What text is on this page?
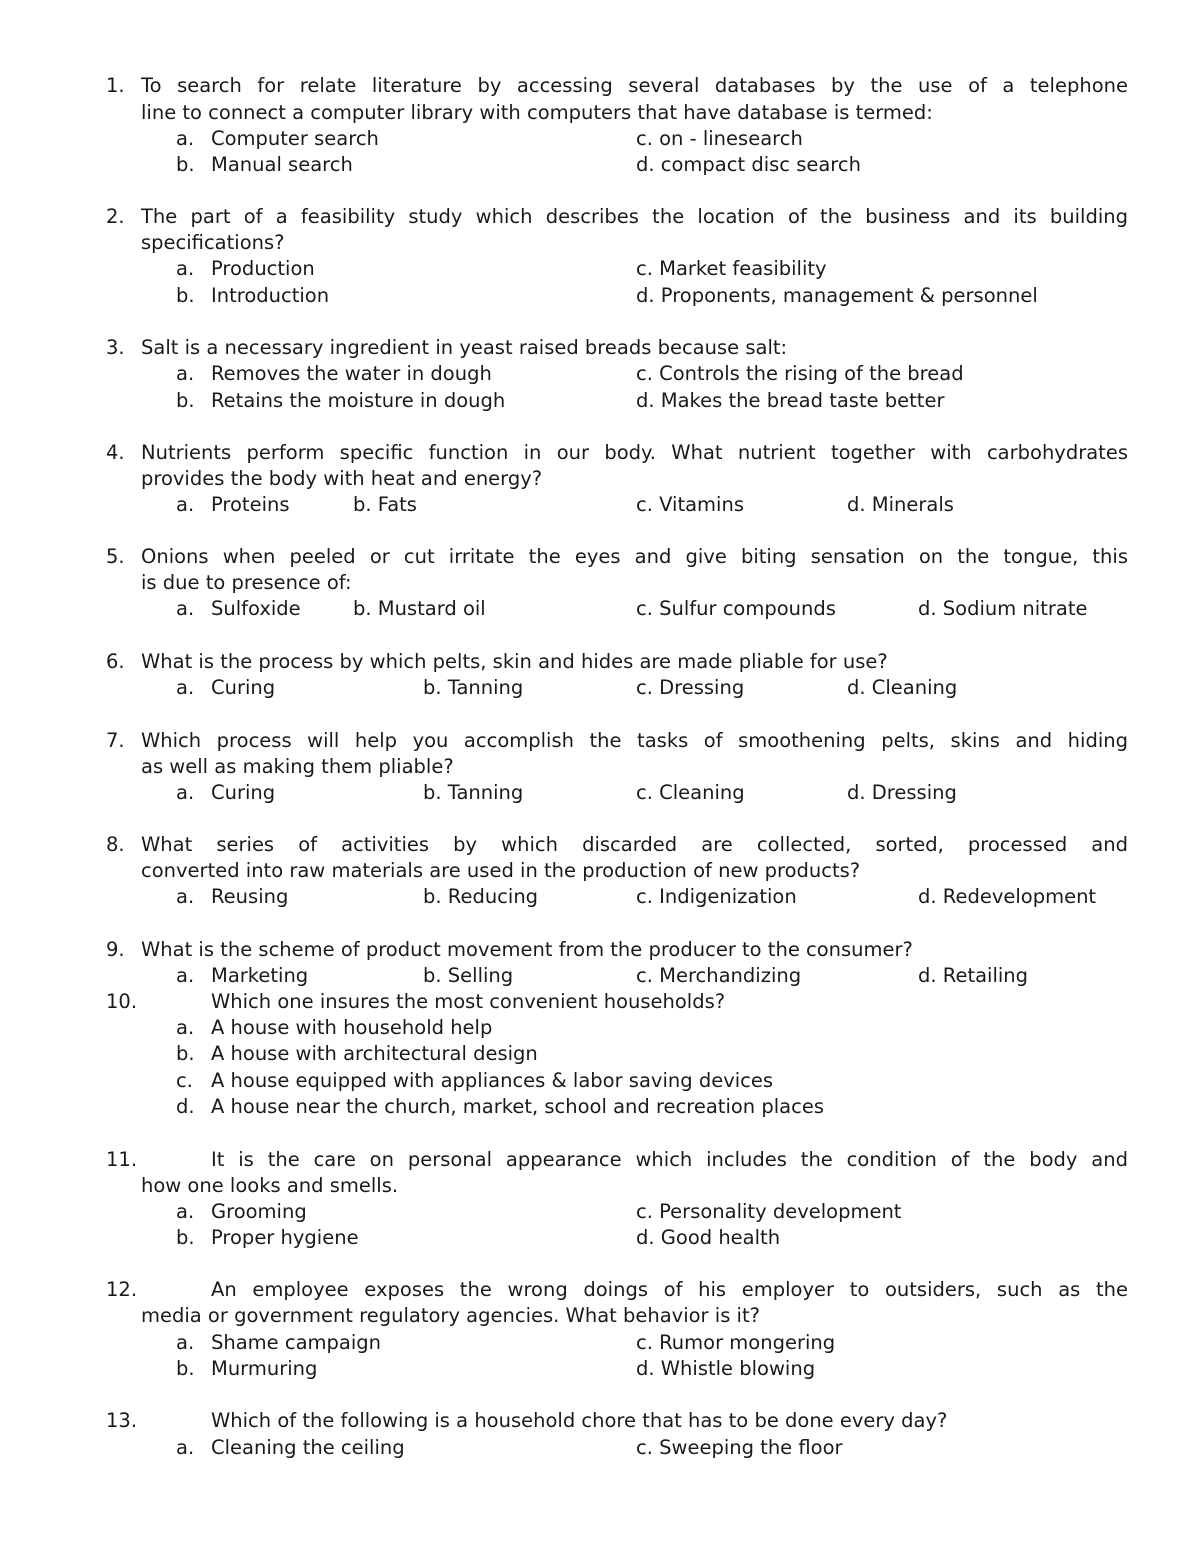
1. To search for relate literature by accessing several databases by the use of a telephone
line to connect a computer library with computers that have database is termed:
a. Computer search
b. Manual search
c. on - linesearch
d. compact disc search
2. The part of a feasibility study which describes the location of the business and its building
specifications?
a. Production
b. Introduction
c. Market feasibility
d. Proponents, management & personnel
3. Salt is a necessary ingredient in yeast raised breads because salt:
a. Removes the water in dough
b. Retains the moisture in dough
c. Controls the rising of the bread
d. Makes the bread taste better
4. Nutrients perform specific function in our body. What nutrient together with carbohydrates
provides the body with heat and energy?
a. Proteins	b. Fats	c. Vitamins	d. Minerals
5. Onions when peeled or cut irritate the eyes and give biting sensation on the tongue, this
is due to presence of:
a. Sulfoxide	b. Mustard oil	c. Sulfur compounds	d. Sodium nitrate
6. What is the process by which pelts, skin and hides are made pliable for use?
a. Curing	b. Tanning	c. Dressing	d. Cleaning
7. Which process will help you accomplish the tasks of smoothening pelts, skins and hiding
as well as making them pliable?
a. Curing	b. Tanning	c. Cleaning	d. Dressing
8. What series of activities by which discarded are collected, sorted, processed and
converted into raw materials are used in the production of new products?
a. Reusing	b. Reducing	c. Indigenization	d. Redevelopment
9. What is the scheme of product movement from the producer to the consumer?
a. Marketing	b. Selling	c. Merchandizing	d. Retailing
10.	Which one insures the most convenient households?
a. A house with household help
b. A house with architectural design
c. A house equipped with appliances & labor saving devices
d. A house near the church, market, school and recreation places
11.	It is the care on personal appearance which includes the condition of the body and
how one looks and smells.
a. Grooming
b. Proper hygiene
c. Personality development
d. Good health
12.	An employee exposes the wrong doings of his employer to outsiders, such as the
media or government regulatory agencies. What behavior is it?
a. Shame campaign
b. Murmuring
c. Rumor mongering
d. Whistle blowing
13.	Which of the following is a household chore that has to be done every day?
a. Cleaning the ceiling	c. Sweeping the floor
